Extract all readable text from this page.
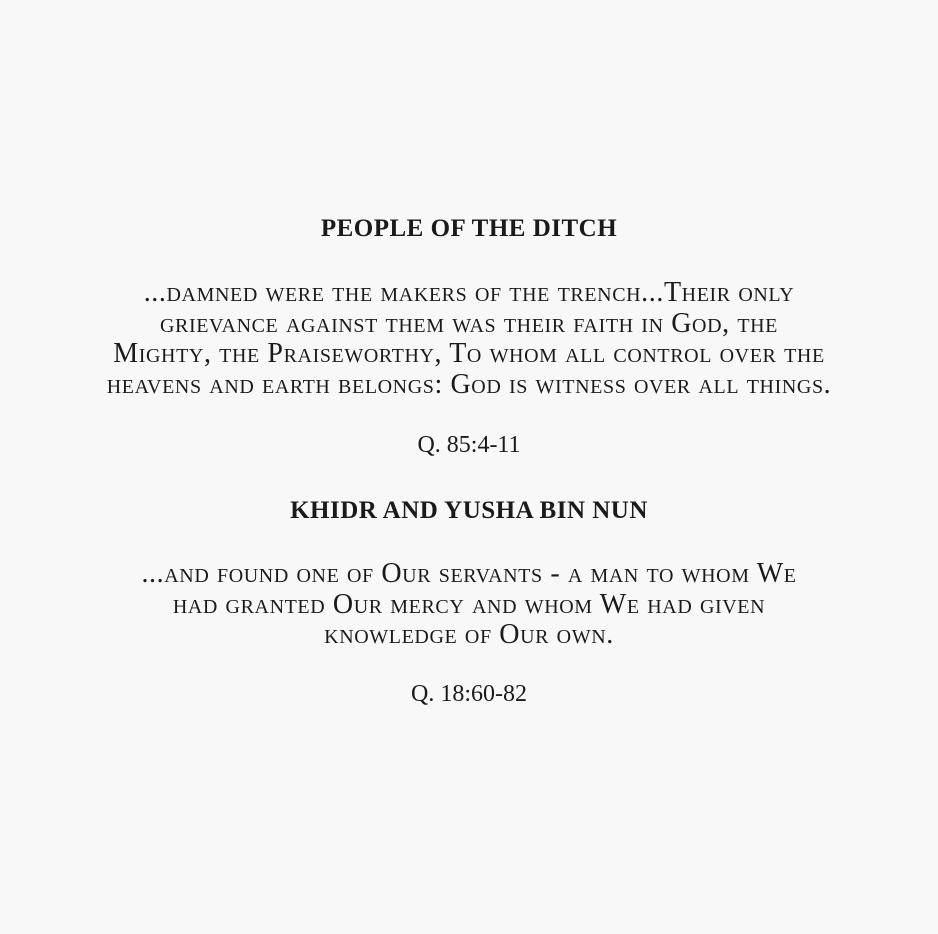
PEOPLE OF THE DITCH

...damned were the makers of the trench...Their only
grievance against them was their faith in God, the
Mighty, the Praiseworthy, To whom all control over the
heavens and earth belongs: God is witness over all things.

Q. 85:4-11

KHIDR AND YUSHA BIN NUN

...and found one of Our servants - a man to whom We
had granted Our mercy and whom We had given
knowledge of Our own.

Q. 18:60-82
